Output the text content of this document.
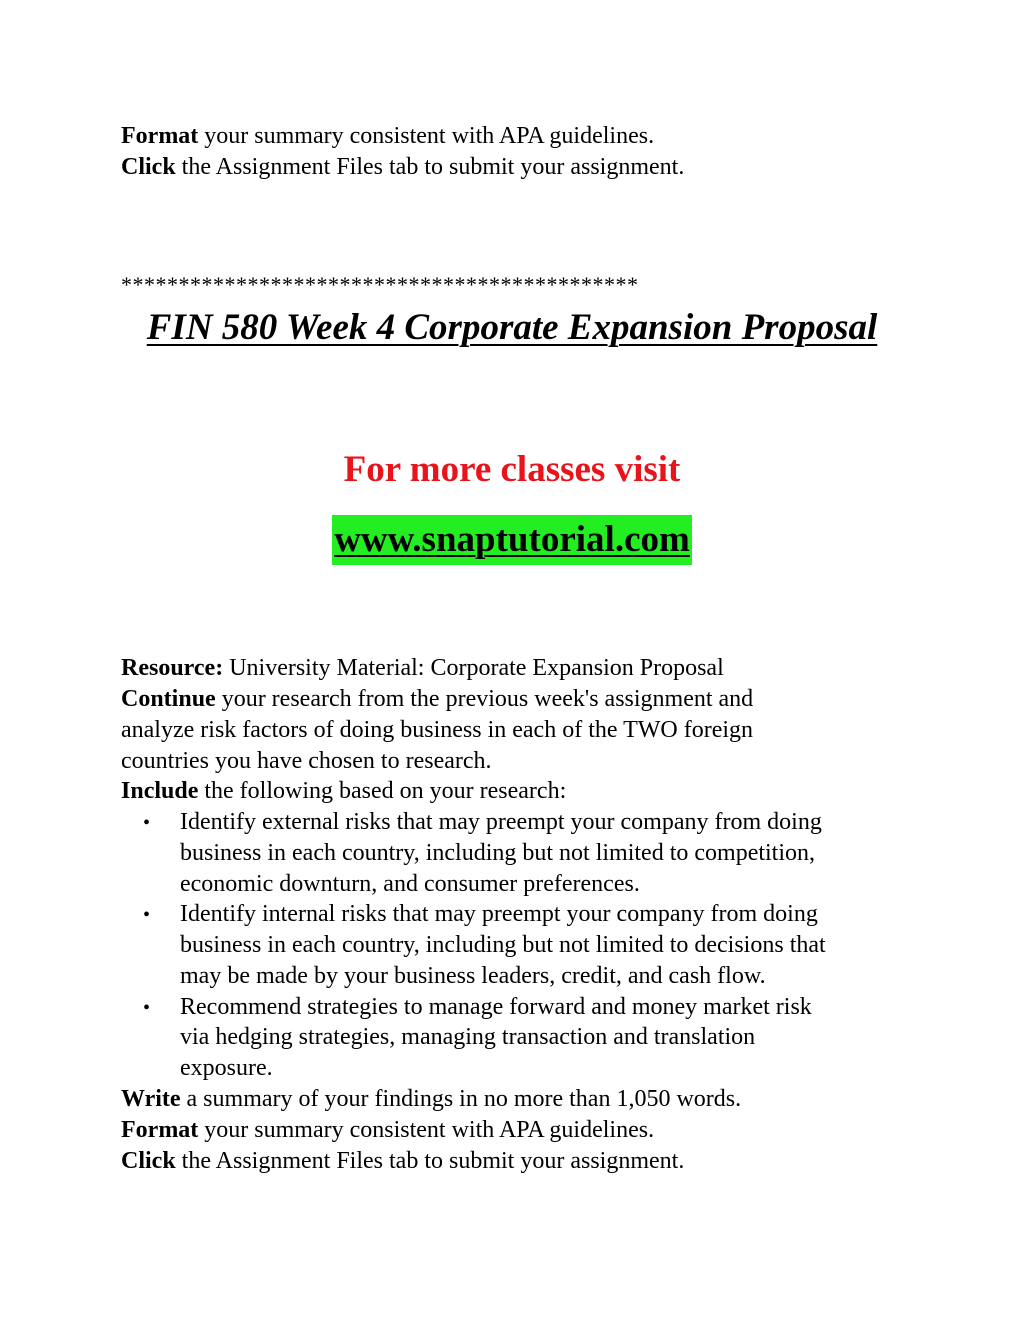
Format your summary consistent with APA guidelines.
Click the Assignment Files tab to submit your assignment.
*********************************************
FIN 580 Week 4 Corporate Expansion Proposal
For more classes visit
www.snaptutorial.com
Resource: University Material: Corporate Expansion Proposal
Continue your research from the previous week's assignment and
analyze risk factors of doing business in each of the TWO foreign
countries you have chosen to research.
Include the following based on your research:
• Identify external risks that may preempt your company from doing
business in each country, including but not limited to competition,
economic downturn, and consumer preferences.
• Identify internal risks that may preempt your company from doing
business in each country, including but not limited to decisions that
may be made by your business leaders, credit, and cash flow.
• Recommend strategies to manage forward and money market risk
via hedging strategies, managing transaction and translation
exposure.
Write a summary of your findings in no more than 1,050 words.
Format your summary consistent with APA guidelines.
Click the Assignment Files tab to submit your assignment.
